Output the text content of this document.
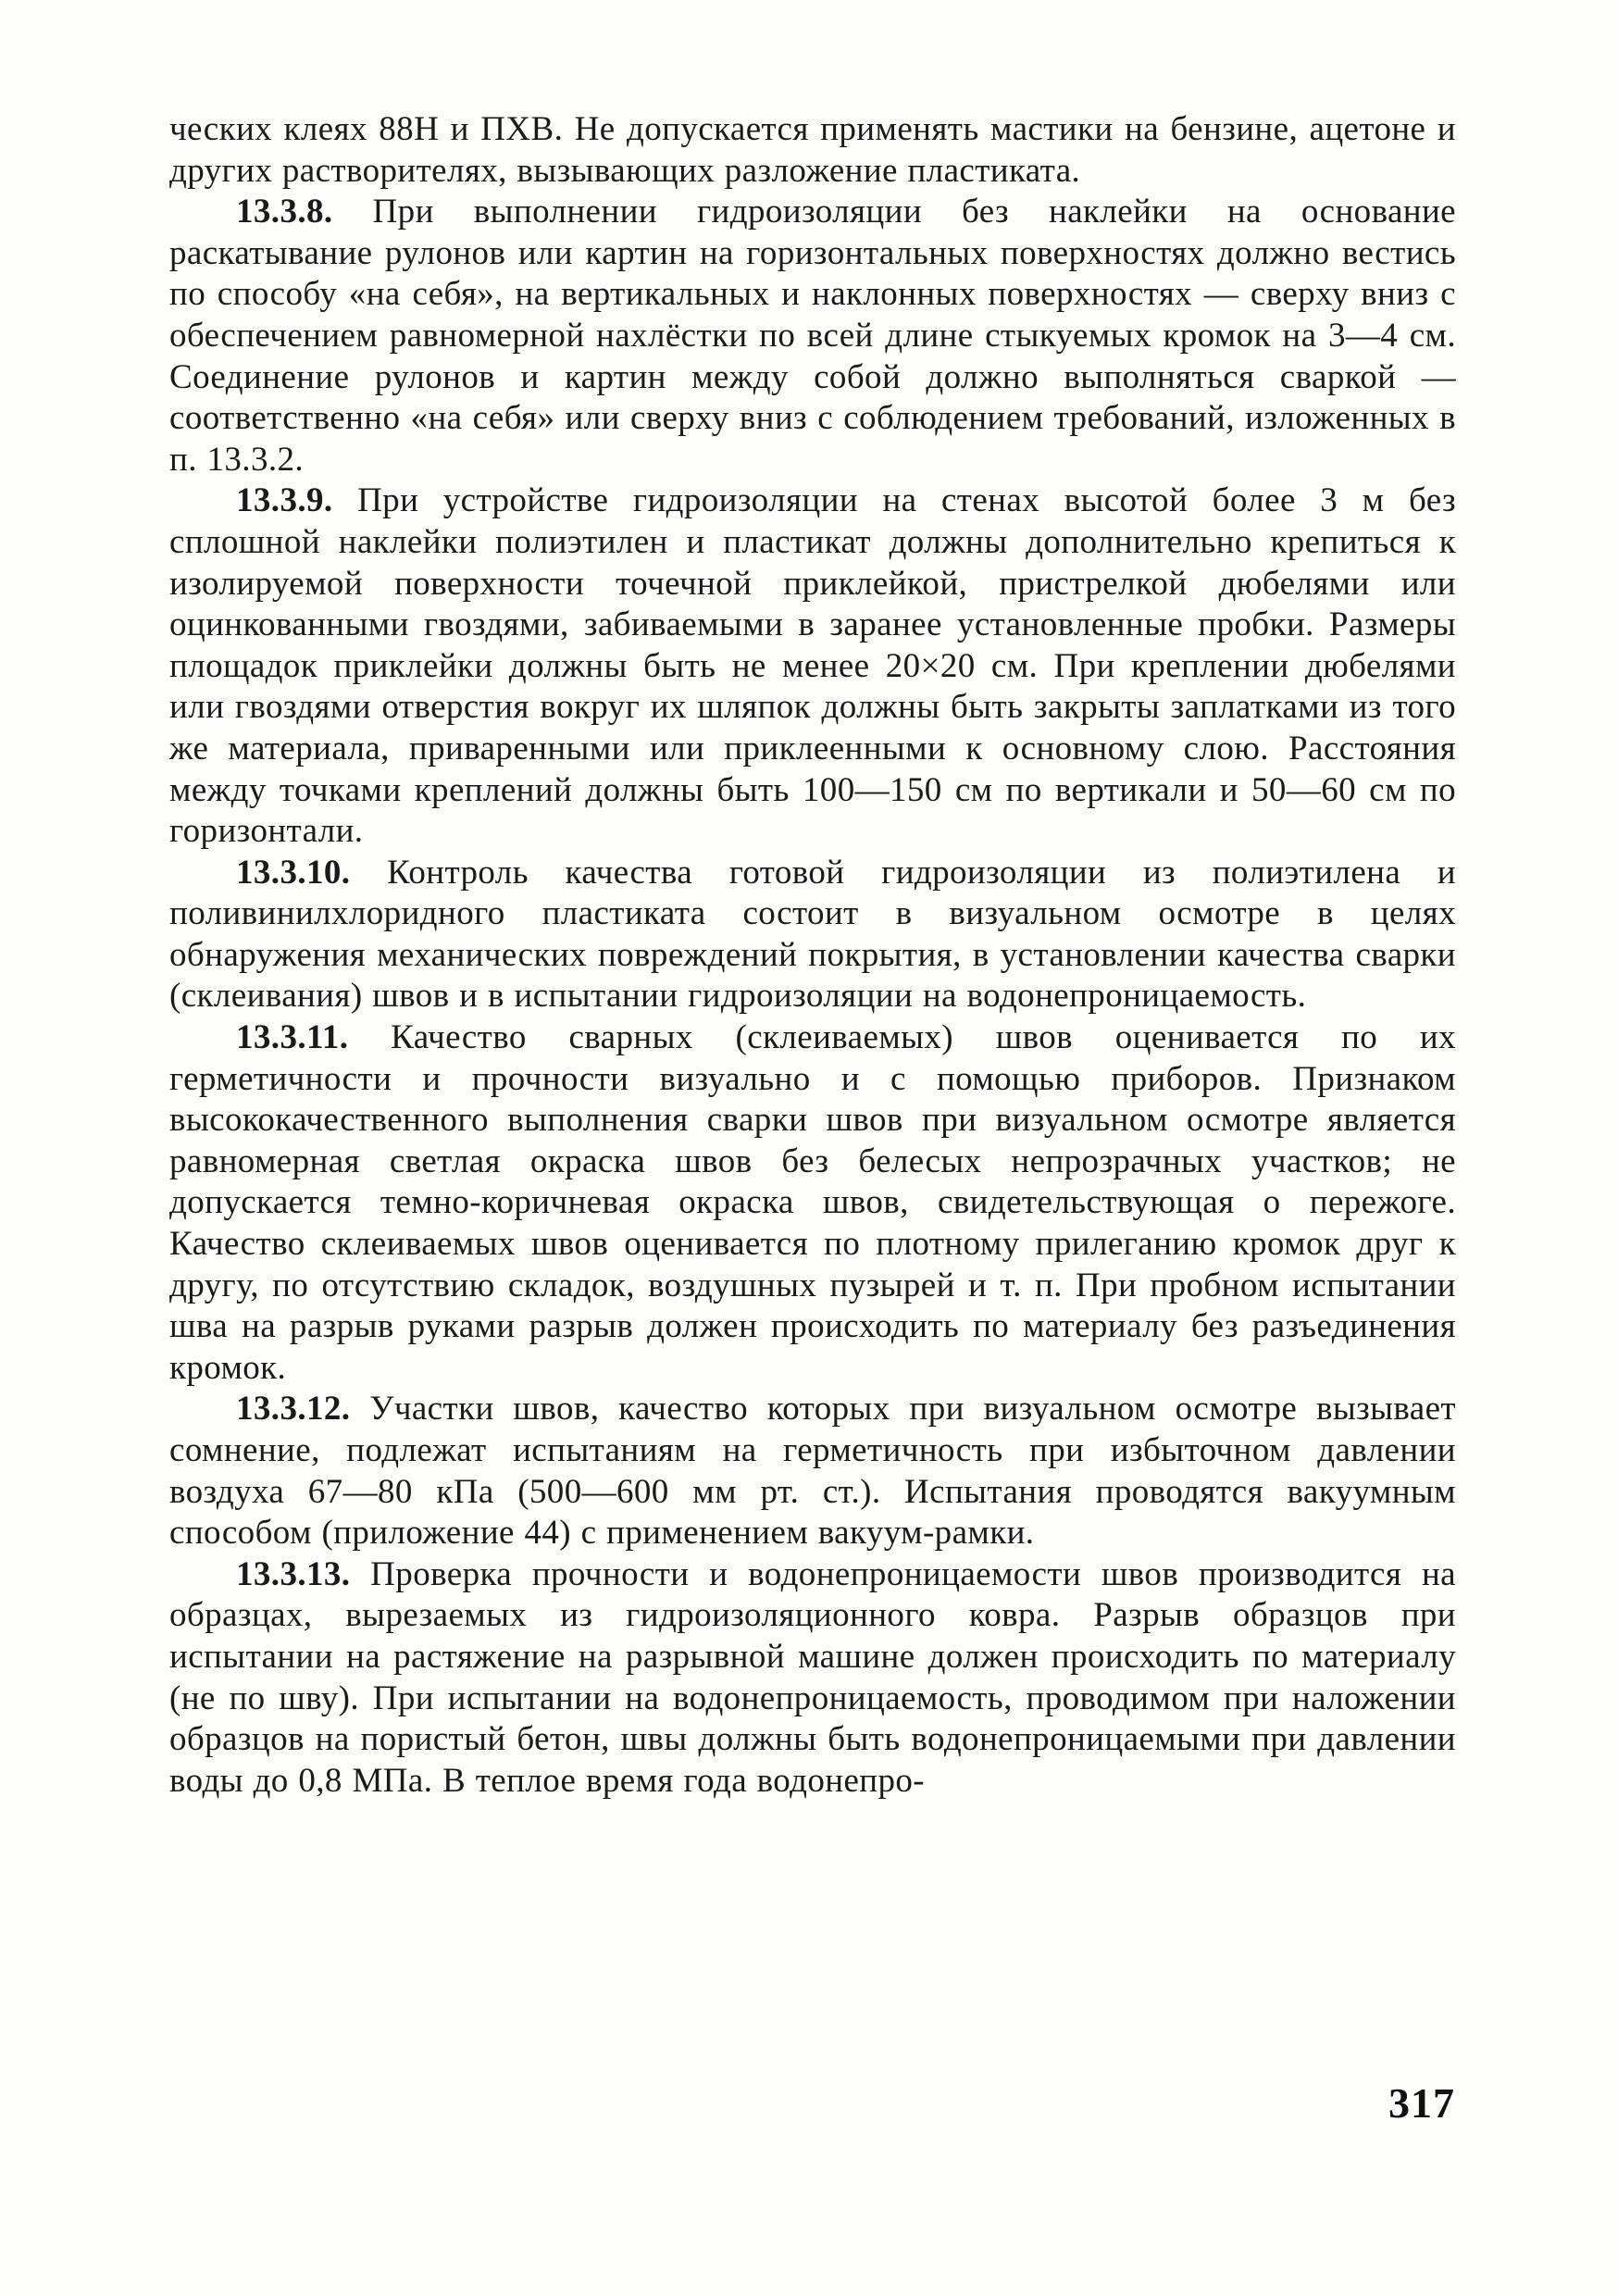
ческих клеях 88Н и ПХВ. Не допускается применять мастики на бензине, ацетоне и других растворителях, вызывающих разложение пластиката.

13.3.8. При выполнении гидроизоляции без наклейки на основание раскатывание рулонов или картин на горизонтальных поверхностях должно вестись по способу «на себя», на вертикальных и наклонных поверхностях — сверху вниз с обеспечением равномерной нахлёстки по всей длине стыкуемых кромок на 3—4 см. Соединение рулонов и картин между собой должно выполняться сваркой — соответственно «на себя» или сверху вниз с соблюдением требований, изложенных в п. 13.3.2.

13.3.9. При устройстве гидроизоляции на стенах высотой более 3 м без сплошной наклейки полиэтилен и пластикат должны дополнительно крепиться к изолируемой поверхности точечной приклейкой, пристрелкой дюбелями или оцинкованными гвоздями, забиваемыми в заранее установленные пробки. Размеры площадок приклейки должны быть не менее 20×20 см. При креплении дюбелями или гвоздями отверстия вокруг их шляпок должны быть закрыты заплатками из того же материала, приваренными или приклеенными к основному слою. Расстояния между точками креплений должны быть 100—150 см по вертикали и 50—60 см по горизонтали.

13.3.10. Контроль качества готовой гидроизоляции из полиэтилена и поливинилхлоридного пластиката состоит в визуальном осмотре в целях обнаружения механических повреждений покрытия, в установлении качества сварки (склеивания) швов и в испытании гидроизоляции на водонепроницаемость.

13.3.11. Качество сварных (склеиваемых) швов оценивается по их герметичности и прочности визуально и с помощью приборов. Признаком высококачественного выполнения сварки швов при визуальном осмотре является равномерная светлая окраска швов без белесых непрозрачных участков; не допускается темно-коричневая окраска швов, свидетельствующая о пережоге. Качество склеиваемых швов оценивается по плотному прилеганию кромок друг к другу, по отсутствию складок, воздушных пузырей и т. п. При пробном испытании шва на разрыв руками разрыв должен происходить по материалу без разъединения кромок.

13.3.12. Участки швов, качество которых при визуальном осмотре вызывает сомнение, подлежат испытаниям на герметичность при избыточном давлении воздуха 67—80 кПа (500—600 мм рт. ст.). Испытания проводятся вакуумным способом (приложение 44) с применением вакуум-рамки.

13.3.13. Проверка прочности и водонепроницаемости швов производится на образцах, вырезаемых из гидроизоляционного ковра. Разрыв образцов при испытании на растяжение на разрывной машине должен происходить по материалу (не по шву). При испытании на водонепроницаемость, проводимом при наложении образцов на пористый бетон, швы должны быть водонепроницаемыми при давлении воды до 0,8 МПа. В теплое время года водонепро-

317
